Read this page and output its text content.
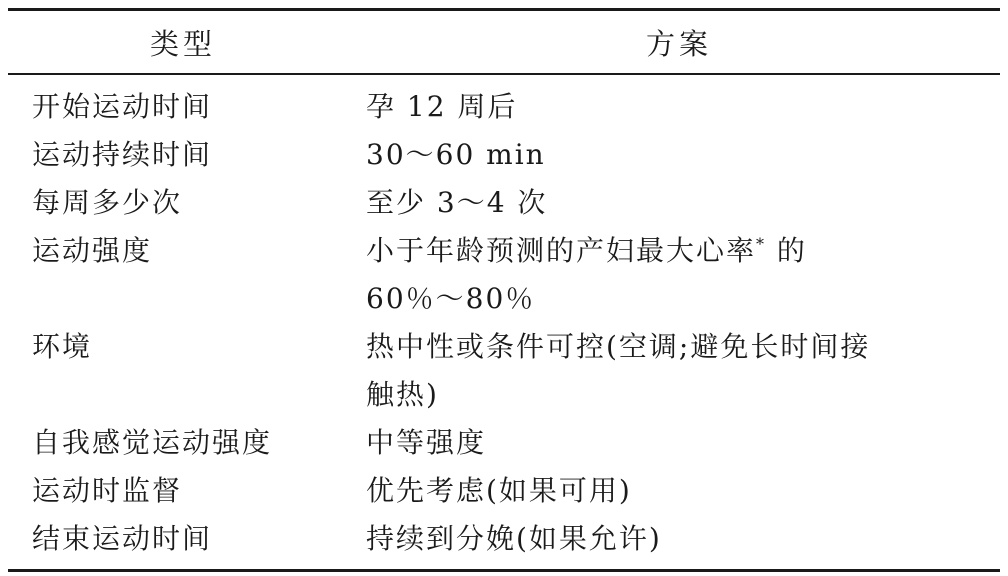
类型	方案
开始运动时间	孕 12 周后
运动持续时间	30～60 min
每周多少次	至少 3～4 次
运动强度	小于年龄预测的产妇最大心率* 的
60％～80％
环境	热中性或条件可控(空调;避免长时间接
触热)
自我感觉运动强度	中等强度
运动时监督	优先考虑(如果可用)
结束运动时间	持续到分娩(如果允许)
